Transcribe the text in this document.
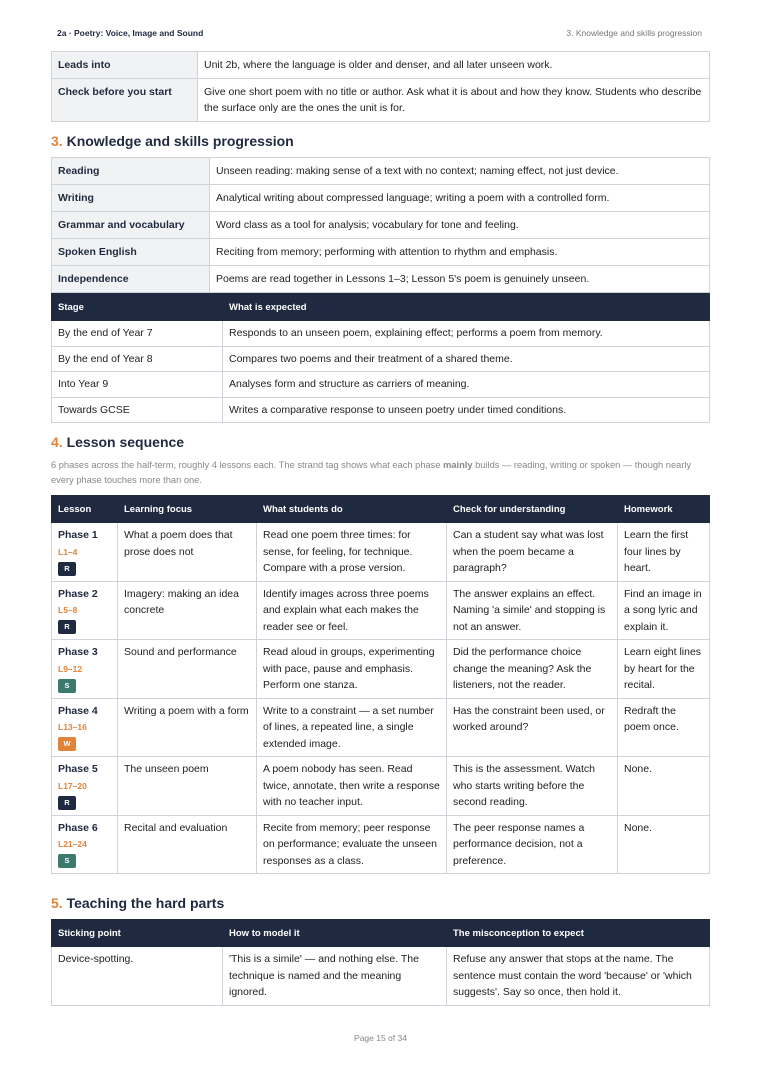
2a · Poetry: Voice, Image and Sound	3. Knowledge and skills progression
Leads into	Unit 2b, where the language is older and denser, and all later unseen work.
Check before you start	Give one short poem with no title or author. Ask what it is about and how they know. Students who describe the surface only are the ones the unit is for.
3. Knowledge and skills progression
Reading	Unseen reading: making sense of a text with no context; naming effect, not just device.
Writing	Analytical writing about compressed language; writing a poem with a controlled form.
Grammar and vocabulary	Word class as a tool for analysis; vocabulary for tone and feeling.
Spoken English	Reciting from memory; performing with attention to rhythm and emphasis.
Independence	Poems are read together in Lessons 1–3; Lesson 5's poem is genuinely unseen.
Stage	What is expected
By the end of Year 7	Responds to an unseen poem, explaining effect; performs a poem from memory.
By the end of Year 8	Compares two poems and their treatment of a shared theme.
Into Year 9	Analyses form and structure as carriers of meaning.
Towards GCSE	Writes a comparative response to unseen poetry under timed conditions.
4. Lesson sequence
6 phases across the half-term, roughly 4 lessons each. The strand tag shows what each phase mainly builds — reading, writing or spoken — though nearly every phase touches more than one.
Lesson	Learning focus	What students do	Check for understanding	Homework

Phase 1
L1–4
R	What a poem does that prose does not	Read one poem three times: for sense, for feeling, for technique. Compare with a prose version.	Can a student say what was lost when the poem became a paragraph?	Learn the first four lines by heart.

Phase 2
L5–8
R	Imagery: making an idea concrete	Identify images across three poems and explain what each makes the reader see or feel.	The answer explains an effect. Naming 'a simile' and stopping is not an answer.	Find an image in a song lyric and explain it.

Phase 3
L9–12
S	Sound and performance	Read aloud in groups, experimenting with pace, pause and emphasis. Perform one stanza.	Did the performance choice change the meaning? Ask the listeners, not the reader.	Learn eight lines by heart for the recital.

Phase 4
L13–16
W	Writing a poem with a form	Write to a constraint — a set number of lines, a repeated line, a single extended image.	Has the constraint been used, or worked around?	Redraft the poem once.

Phase 5
L17–20
R	The unseen poem	A poem nobody has seen. Read twice, annotate, then write a response with no teacher input.	This is the assessment. Watch who starts writing before the second reading.	None.

Phase 6
L21–24
S	Recital and evaluation	Recite from memory; peer response on performance; evaluate the unseen responses as a class.	The peer response names a performance decision, not a preference.	None.
5. Teaching the hard parts
Sticking point	How to model it	The misconception to expect
Device-spotting.	'This is a simile' — and nothing else. The technique is named and the meaning ignored.	Refuse any answer that stops at the name. The sentence must contain the word 'because' or 'which suggests'. Say so once, then hold it.
Page 15 of 34
